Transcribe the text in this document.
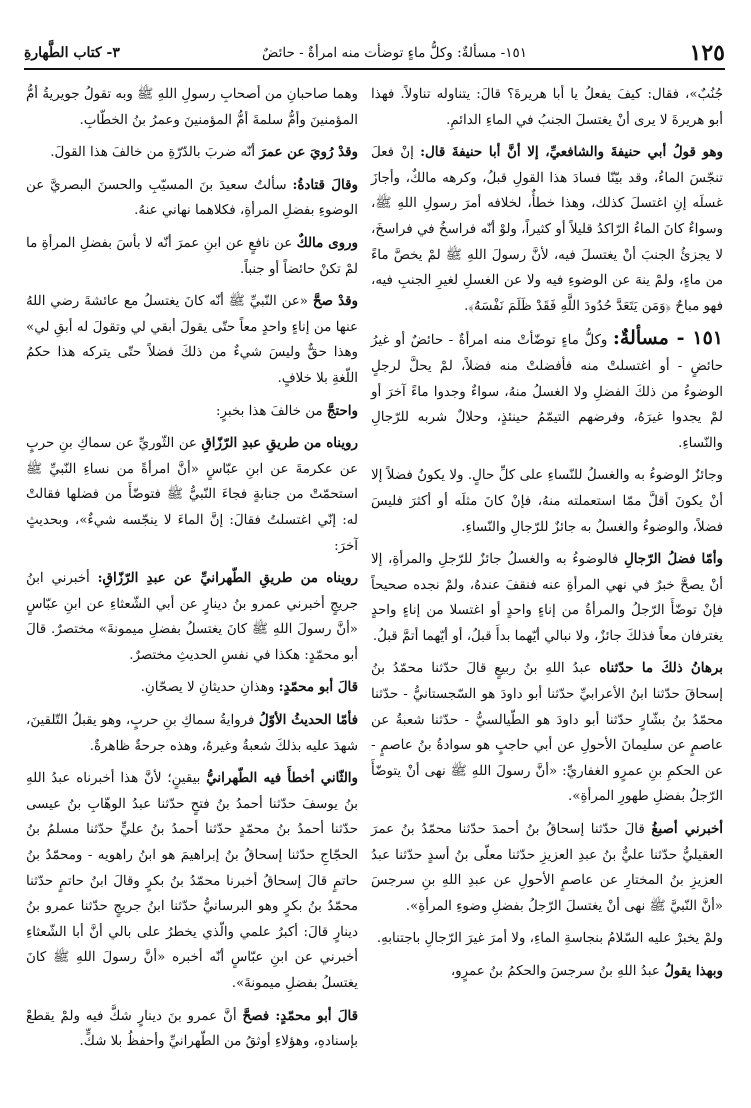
١٢٥
١٥١- مسألةٌ: وكلُّ ماءٍ توضأت منه امرأةٌ - حائضٌ
٣- كتاب الطَّهارةِ

جُنُبٌ»، فقال: كيفَ يفعلُ يا أبا هريرةَ؟ قالَ: يتناوله تناولاً. فهذا أبو هريرةَ لا يرى أنْ يغتسلَ الجنبُ في الماءِ الدائمِ.

وهو قولُ أبي حنيفةَ والشافعيِّ، إلا أنَّ أبا حنيفةَ قال: إنْ فعلَ تنجّسَ الماءُ، وقد بيّنّا فسادَ هذا القولِ قبلُ، وكرهه مالكٌ، وأجازَ غسلَه إنِ اغتسلَ كذلك، وهذا خطأٌ، لخلافه أمرَ رسولِ اللهِ ﷺ، وسواءٌ كانَ الماءُ الرّاكدُ قليلاً أو كثيراً، ولوْ أنّه فراسخُ في فراسخَ، لا يجزئُ الجنبَ أنْ يغتسلَ فيه، لأنَّ رسولَ اللهِ ﷺ لمْ يخصَّ ماءً من ماءٍ، ولمْ ينهَ عن الوضوءِ فيه ولا عن الغسلِ لغيرِ الجنبِ فيه، فهو مباحٌ ﴿وَمَن يَتَعَدَّ حُدُودَ اللَّهِ فَقَدْ ظَلَمَ نَفْسَهُ﴾.

١٥١ - مسألةٌ: وكلُّ ماءٍ توضّأتْ منه امرأةٌ - حائضٌ أو غيرُ حائضٍ - أو اغتسلتْ منه فأفضلتْ منه فضلاً، لمْ يحلَّ لرجلٍ الوضوءُ من ذلكَ الفضلِ ولا الغسلُ منهُ، سواءٌ وجدوا ماءً آخرَ أو لمْ يجدوا غيرَهُ، وفرضهم التيمّمُ حينئذٍ، وحلالٌ شربه للرّجالِ والنّساءِ.

وجائزٌ الوضوءُ به والغسلُ للنّساءِ على كلِّ حالٍ. ولا يكونُ فضلاً إلا أنْ يكونَ أقلَّ ممّا استعملته منهُ، فإنْ كانَ مثلَه أو أكثرَ فليسَ فضلاً، والوضوءُ والغسلُ به جائزٌ للرّجالِ والنّساءِ.

وأمّا فضلُ الرّجالِ فالوضوءُ به والغسلُ جائزٌ للرّجلِ والمرأةِ، إلا أنْ يصحَّ خبرٌ في نهي المرأةِ عنه فنقفَ عندهُ، ولمْ نجده صحيحاً فإنْ توضّأَ الرّجلُ والمرأةُ من إناءٍ واحدٍ أو اغتسلا من إناءٍ واحدٍ يغترفان معاً فذلكَ جائزٌ، ولا نبالي أيّهما بدأَ قبلُ، أو أيّهما أتمَّ قبلُ.

برهانُ ذلكَ ما حدّثناه عبدُ اللهِ بنُ ربيعٍ قالَ حدّثنا محمّدُ بنُ إسحاقَ حدّثنا ابنُ الأعرابيِّ حدّثنا أبو داودَ هو السّجستانيُّ - حدّثنا محمّدُ بنُ بشّارٍ حدّثنا أبو داودَ هو الطّيالسيُّ - حدّثنا شعبةُ عن عاصمٍ عن سليمانَ الأحولِ عن أبي حاجبٍ هو سوادةُ بنُ عاصمٍ - عن الحكمِ بنِ عمرٍو الغفاريِّ: «أنَّ رسولَ اللهِ ﷺ نهى أنْ يتوضّأَ الرّجلُ بفضلِ طهورِ المرأةِ».

أخبرني أصبغُ قالَ حدّثنا إسحاقُ بنُ أحمدَ حدّثنا محمّدُ بنُ عمرَ العقيليُّ حدّثنا عليُّ بنُ عبدِ العزيزِ حدّثنا معلّى بنُ أسدٍ حدّثنا عبدُ العزيزِ بنُ المختارِ عن عاصمٍ الأحولِ عن عبدِ اللهِ بنِ سرجسَ «أنَّ النّبيَّ ﷺ نهى أنْ يغتسلَ الرّجلُ بفضلِ وضوءِ المرأةِ».

ولمْ يخبرْ عليه السّلامُ بنجاسةِ الماءِ، ولا أمرَ غيرَ الرّجالِ باجتنابهِ.

وبهذا يقولُ عبدُ اللهِ بنُ سرجسَ والحكمُ بنُ عمرٍو،

وهما صاحبانِ من أصحابِ رسولِ اللهِ ﷺ وبه تقولُ جويريةُ أمُّ المؤمنينَ وأمُّ سلمةَ أمُّ المؤمنينَ وعمرُ بنُ الخطّابِ.

وقدْ رُويَ عن عمرَ أنّه ضربَ بالدّرّةِ من خالفَ هذا القولَ.

وقالَ قتادةُ: سألتُ سعيدَ بنَ المسيّبِ والحسنَ البصريَّ عن الوضوءِ بفضلِ المرأةِ، فكلاهما نهاني عنهُ.

وروى مالكٌ عن نافعٍ عن ابنِ عمرَ أنّه لا بأسَ بفضلِ المرأةِ ما لمْ تكنْ حائضاً أو جنباً.

وقدْ صحَّ «عن النّبيِّ ﷺ أنّه كانَ يغتسلُ مع عائشةَ رضي اللهُ عنها من إناءٍ واحدٍ معاً حتّى يقولَ أبقي لي وتقولَ له أبقِ لي» وهذا حقٌّ وليسَ شيءٌ من ذلكَ فضلاً حتّى يتركه هذا حكمُ اللّغةِ بلا خلافٍ.

واحتجَّ من خالفَ هذا بخبرٍ:

رويناه من طريقِ عبدِ الرّزّاقِ عن الثّوريِّ عن سماكِ بنِ حربٍ عن عكرمةَ عن ابنِ عبّاسٍ «أنَّ امرأةً من نساءِ النّبيِّ ﷺ استحمّتْ من جنابةٍ فجاءَ النّبيُّ ﷺ فتوضّأَ من فضلها فقالتْ له: إنّي اغتسلتُ فقالَ: إنَّ الماءَ لا ينجّسه شيءٌ»، وبحديثٍ آخرَ:

رويناه من طريقِ الطّهرانيِّ عن عبدِ الرّزّاقِ: أخبرني ابنُ جريجٍ أخبرني عمرو بنُ دينارٍ عن أبي الشّعثاءِ عن ابنِ عبّاسٍ «أنَّ رسولَ اللهِ ﷺ كانَ يغتسلُ بفضلِ ميمونةَ» مختصرٌ. قالَ أبو محمّدٍ: هكذا في نفسِ الحديثِ مختصرٌ.

قالَ أبو محمّدٍ: وهذانِ حديثانِ لا يصحّانِ.

فأمّا الحديثُ الأوّلُ فروايةُ سماكِ بنِ حربٍ، وهو يقبلُ التّلقينَ، شهدَ عليه بذلكَ شعبةُ وغيرهُ، وهذه جرحةٌ ظاهرةٌ.

والثّاني أخطأَ فيه الطّهرانيُّ بيقينٍ؛ لأنَّ هذا أخبرناه عبدُ اللهِ بنُ يوسفَ حدّثنا أحمدُ بنُ فتحٍ حدّثنا عبدُ الوهّابِ بنُ عيسى حدّثنا أحمدُ بنُ محمّدٍ حدّثنا أحمدُ بنُ عليٍّ حدّثنا مسلمُ بنُ الحجّاجِ حدّثنا إسحاقُ بنُ إبراهيمَ هو ابنُ راهويه - ومحمّدُ بنُ حاتمٍ قالَ إسحاقُ أخبرنا محمّدُ بنُ بكرٍ وقالَ ابنُ حاتمٍ حدّثنا محمّدُ بنُ بكرٍ وهو البرسانيُّ حدّثنا ابنُ جريجٍ حدّثنا عمرو بنُ دينارٍ قالَ: أكبرُ علمي والّذي يخطرُ على بالي أنَّ أبا الشّعثاءِ أخبرني عن ابنِ عبّاسٍ أنّه أخبره «أنَّ رسولَ اللهِ ﷺ كانَ يغتسلُ بفضلِ ميمونةَ».

قالَ أبو محمّدٍ: فصحَّ أنَّ عمرو بنَ دينارٍ شكَّ فيه ولمْ يقطعْ بإسنادهِ، وهؤلاءِ أوثقُ من الطّهرانيِّ وأحفظُ بلا شكٍّ.
